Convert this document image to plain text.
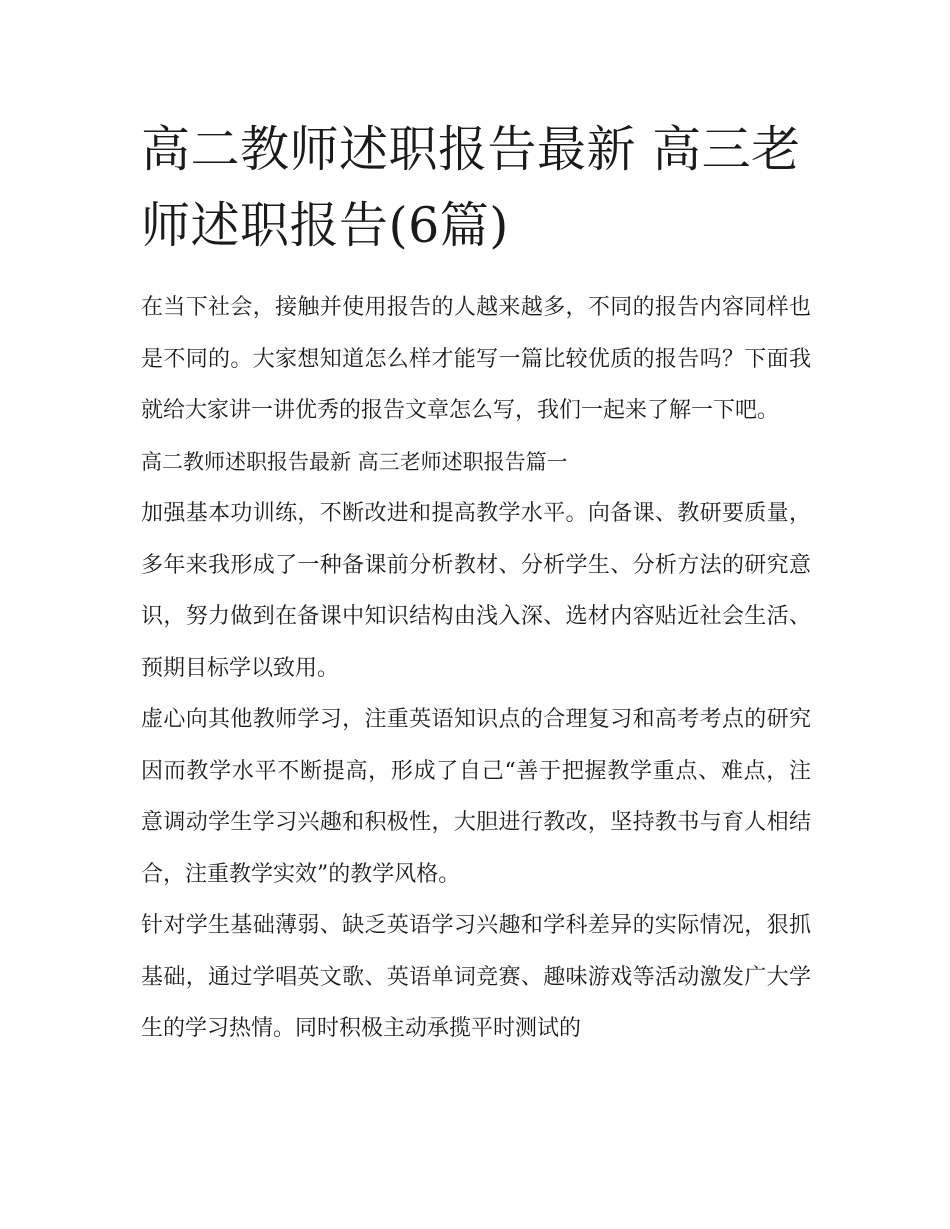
高二教师述职报告最新 高三老师述职报告(6篇)

在当下社会，接触并使用报告的人越来越多，不同的报告内容同样也是不同的。大家想知道怎么样才能写一篇比较优质的报告吗？下面我就给大家讲一讲优秀的报告文章怎么写，我们一起来了解一下吧。

高二教师述职报告最新 高三老师述职报告篇一

加强基本功训练，不断改进和提高教学水平。向备课、教研要质量，多年来我形成了一种备课前分析教材、分析学生、分析方法的研究意识，努力做到在备课中知识结构由浅入深、选材内容贴近社会生活、预期目标学以致用。

虚心向其他教师学习，注重英语知识点的合理复习和高考考点的研究因而教学水平不断提高，形成了自己“善于把握教学重点、难点，注意调动学生学习兴趣和积极性，大胆进行教改，坚持教书与育人相结合，注重教学实效”的教学风格。

针对学生基础薄弱、缺乏英语学习兴趣和学科差异的实际情况，狠抓基础，通过学唱英文歌、英语单词竞赛、趣味游戏等活动激发广大学生的学习热情。同时积极主动承揽平时测试的
